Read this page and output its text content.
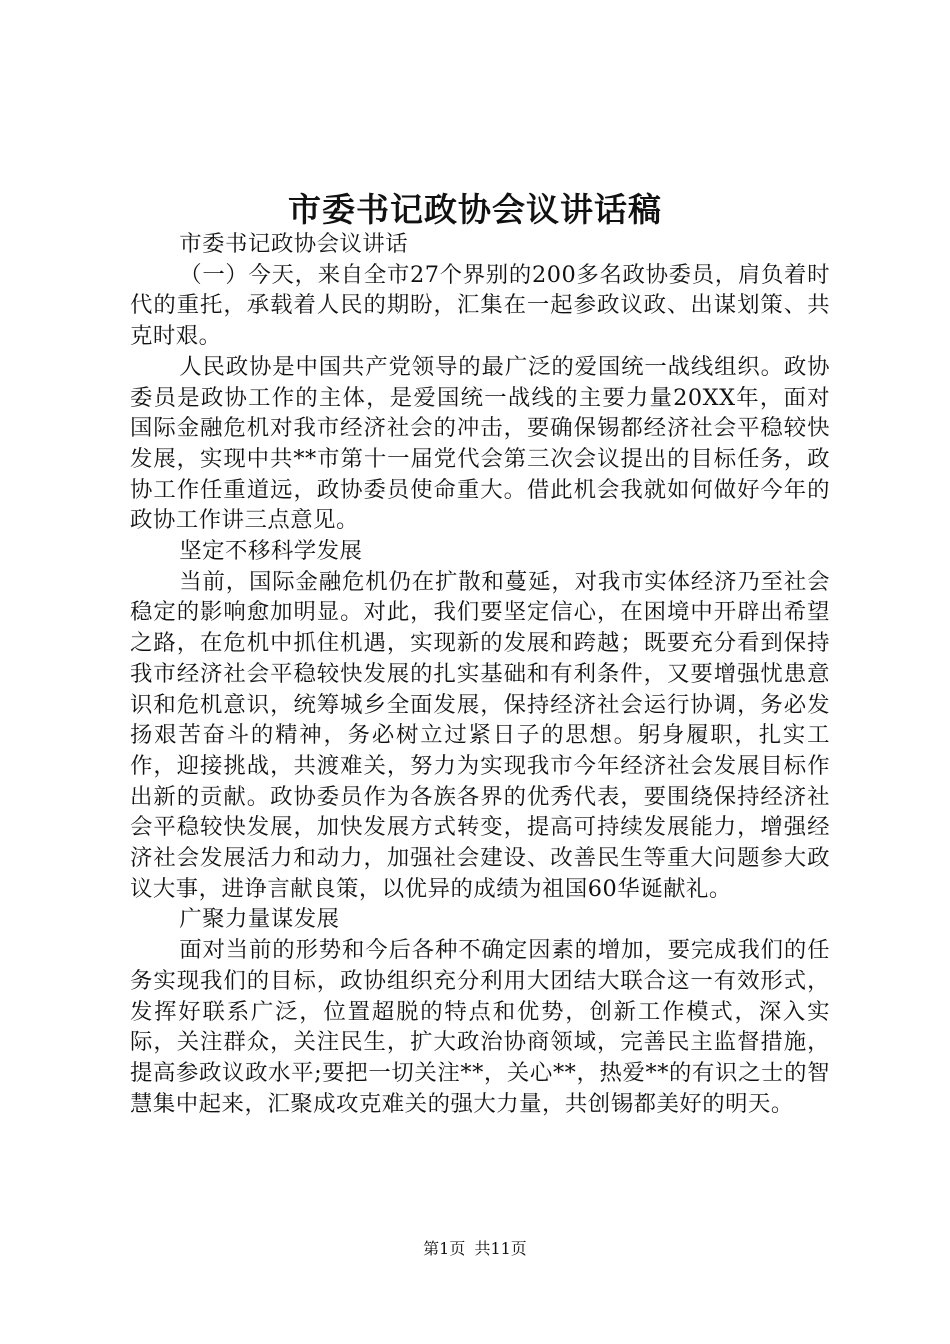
市委书记政协会议讲话稿

市委书记政协会议讲话

（一）今天，来自全市27个界别的200多名政协委员，肩负着时代的重托，承载着人民的期盼，汇集在一起参政议政、出谋划策、共克时艰。

人民政协是中国共产党领导的最广泛的爱国统一战线组织。政协委员是政协工作的主体，是爱国统一战线的主要力量20XX年，面对国际金融危机对我市经济社会的冲击，要确保锡都经济社会平稳较快发展，实现中共**市第十一届党代会第三次会议提出的目标任务，政协工作任重道远，政协委员使命重大。借此机会我就如何做好今年的政协工作讲三点意见。

坚定不移科学发展

当前，国际金融危机仍在扩散和蔓延，对我市实体经济乃至社会稳定的影响愈加明显。对此，我们要坚定信心，在困境中开辟出希望之路，在危机中抓住机遇，实现新的发展和跨越；既要充分看到保持我市经济社会平稳较快发展的扎实基础和有利条件，又要增强忧患意识和危机意识，统筹城乡全面发展，保持经济社会运行协调，务必发扬艰苦奋斗的精神，务必树立过紧日子的思想。躬身履职，扎实工作，迎接挑战，共渡难关，努力为实现我市今年经济社会发展目标作出新的贡献。政协委员作为各族各界的优秀代表，要围绕保持经济社会平稳较快发展，加快发展方式转变，提高可持续发展能力，增强经济社会发展活力和动力，加强社会建设、改善民生等重大问题参大政议大事，进诤言献良策，以优异的成绩为祖国60华诞献礼。

广聚力量谋发展

面对当前的形势和今后各种不确定因素的增加，要完成我们的任务实现我们的目标，政协组织充分利用大团结大联合这一有效形式，发挥好联系广泛，位置超脱的特点和优势，创新工作模式，深入实际，关注群众，关注民生，扩大政治协商领域，完善民主监督措施，提高参政议政水平;要把一切关注**，关心**，热爱**的有识之士的智慧集中起来，汇聚成攻克难关的强大力量，共创锡都美好的明天。

第1页 共11页
